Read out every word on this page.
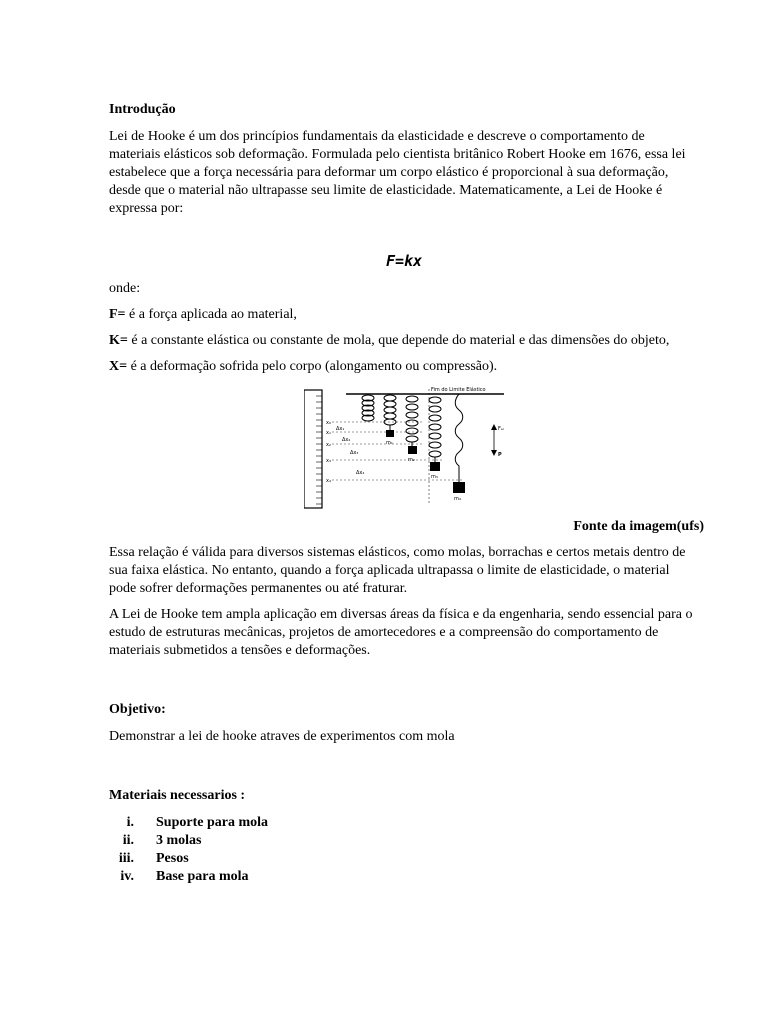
Introdução

Lei de Hooke é um dos princípios fundamentais da elasticidade e descreve o comportamento de materiais elásticos sob deformação. Formulada pelo cientista britânico Robert Hooke em 1676, essa lei estabelece que a força necessária para deformar um corpo elástico é proporcional à sua deformação, desde que o material não ultrapasse seu limite de elasticidade. Matematicamente, a Lei de Hooke é expressa por:

F=kx

onde:

F= é a força aplicada ao material,

K= é a constante elástica ou constante de mola, que depende do material e das dimensões do objeto,

X= é a deformação sofrida pelo corpo (alongamento ou compressão).

Fim do Limite Elástico
x₀
x₁
x₂
x₃
x₄
Δx₁
Δx₂
Δx₃
Δx₄
m₁
m₂
m₃
m₄
Fₑₗ
P

Fonte da imagem(ufs)

Essa relação é válida para diversos sistemas elásticos, como molas, borrachas e certos metais dentro de sua faixa elástica. No entanto, quando a força aplicada ultrapassa o limite de elasticidade, o material pode sofrer deformações permanentes ou até fraturar.

A Lei de Hooke tem ampla aplicação em diversas áreas da física e da engenharia, sendo essencial para o estudo de estruturas mecânicas, projetos de amortecedores e a compreensão do comportamento de materiais submetidos a tensões e deformações.

Objetivo:

Demonstrar a lei de hooke atraves de experimentos com mola

Materiais necessarios :

i. Suporte para mola
ii. 3 molas
iii. Pesos
iv. Base para mola
